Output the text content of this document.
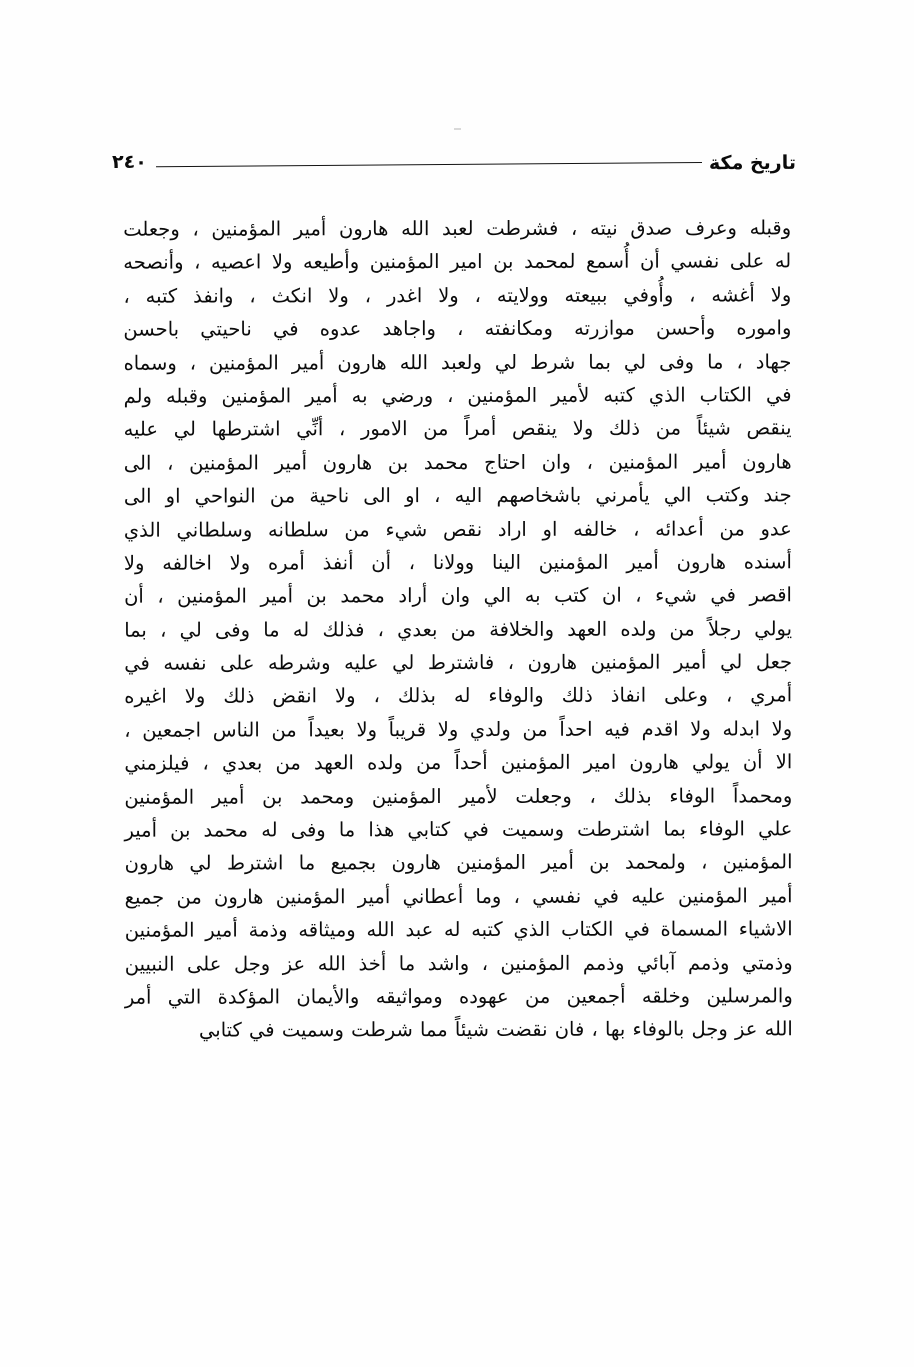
تاريخ مكة
٢٤٠
وقبله
وعرف
صدق
نيته
،
فشرطت
لعبد
الله
هارون
أمير
المؤمنين
،
وجعلت
له
على
نفسي
أن
أُسمع
لمحمد
بن
امير
المؤمنين
وأطيعه
ولا
اعصيه
،
وأنصحه
ولا
أغشه
،
وأُوفي
ببيعته
وولايته
،
ولا
اغدر
،
ولا
انكث
،
وانفذ
كتبه
،
واموره
وأحسن
موازرته
ومكانفته
،
واجاهد
عدوه
في
ناحيتي
باحسن
جهاد
،
ما
وفى
لي
بما
شرط
لي
ولعبد
الله
هارون
أمير
المؤمنين
،
وسماه
في
الكتاب
الذي
كتبه
لأمير
المؤمنين
،
ورضي
به
أمير
المؤمنين
وقبله
ولم
ينقص
شيئاً
من
ذلك
ولا
ينقص
أمراً
من
الامور
،
أنِّي
اشترطها
لي
عليه
هارون
أمير
المؤمنين
،
وان
احتاج
محمد
بن
هارون
أمير
المؤمنين
،
الى
جند
وكتب
الي
يأمرني
باشخاصهم
اليه
،
او
الى
ناحية
من
النواحي
او
الى
عدو
من
أعدائه
،
خالفه
او
اراد
نقص
شيء
من
سلطانه
وسلطاني
الذي
أسنده
هارون
أمير
المؤمنين
الينا
وولانا
،
أن
أنفذ
أمره
ولا
اخالفه
ولا
اقصر
في
شيء
،
ان
كتب
به
الي
وان
أراد
محمد
بن
أمير
المؤمنين
،
أن
يولي
رجلاً
من
ولده
العهد
والخلافة
من
بعدي
،
فذلك
له
ما
وفى
لي
،
بما
جعل
لي
أمير
المؤمنين
هارون
،
فاشترط
لي
عليه
وشرطه
على
نفسه
في
أمري
،
وعلى
انفاذ
ذلك
والوفاء
له
بذلك
،
ولا
انقض
ذلك
ولا
اغيره
ولا
ابدله
ولا
اقدم
فيه
احداً
من
ولدي
ولا
قريباً
ولا
بعيداً
من
الناس
اجمعين
،
الا
أن
يولي
هارون
امير
المؤمنين
أحداً
من
ولده
العهد
من
بعدي
،
فيلزمني
ومحمداً
الوفاء
بذلك
،
وجعلت
لأمير
المؤمنين
ومحمد
بن
أمير
المؤمنين
علي
الوفاء
بما
اشترطت
وسميت
في
كتابي
هذا
ما
وفى
له
محمد
بن
أمير
المؤمنين
،
ولمحمد
بن
أمير
المؤمنين
هارون
بجميع
ما
اشترط
لي
هارون
أمير
المؤمنين
عليه
في
نفسي
،
وما
أعطاني
أمير
المؤمنين
هارون
من
جميع
الاشياء
المسماة
في
الكتاب
الذي
كتبه
له
عبد
الله
وميثاقه
وذمة
أمير
المؤمنين
وذمتي
وذمم
آبائي
وذمم
المؤمنين
،
واشد
ما
أخذ
الله
عز
وجل
على
النبيين
والمرسلين
وخلقه
أجمعين
من
عهوده
ومواثيقه
والأيمان
المؤكدة
التي
أمر
الله عز وجل بالوفاء بها ، فان نقضت شيئاً مما شرطت وسميت في كتابي
